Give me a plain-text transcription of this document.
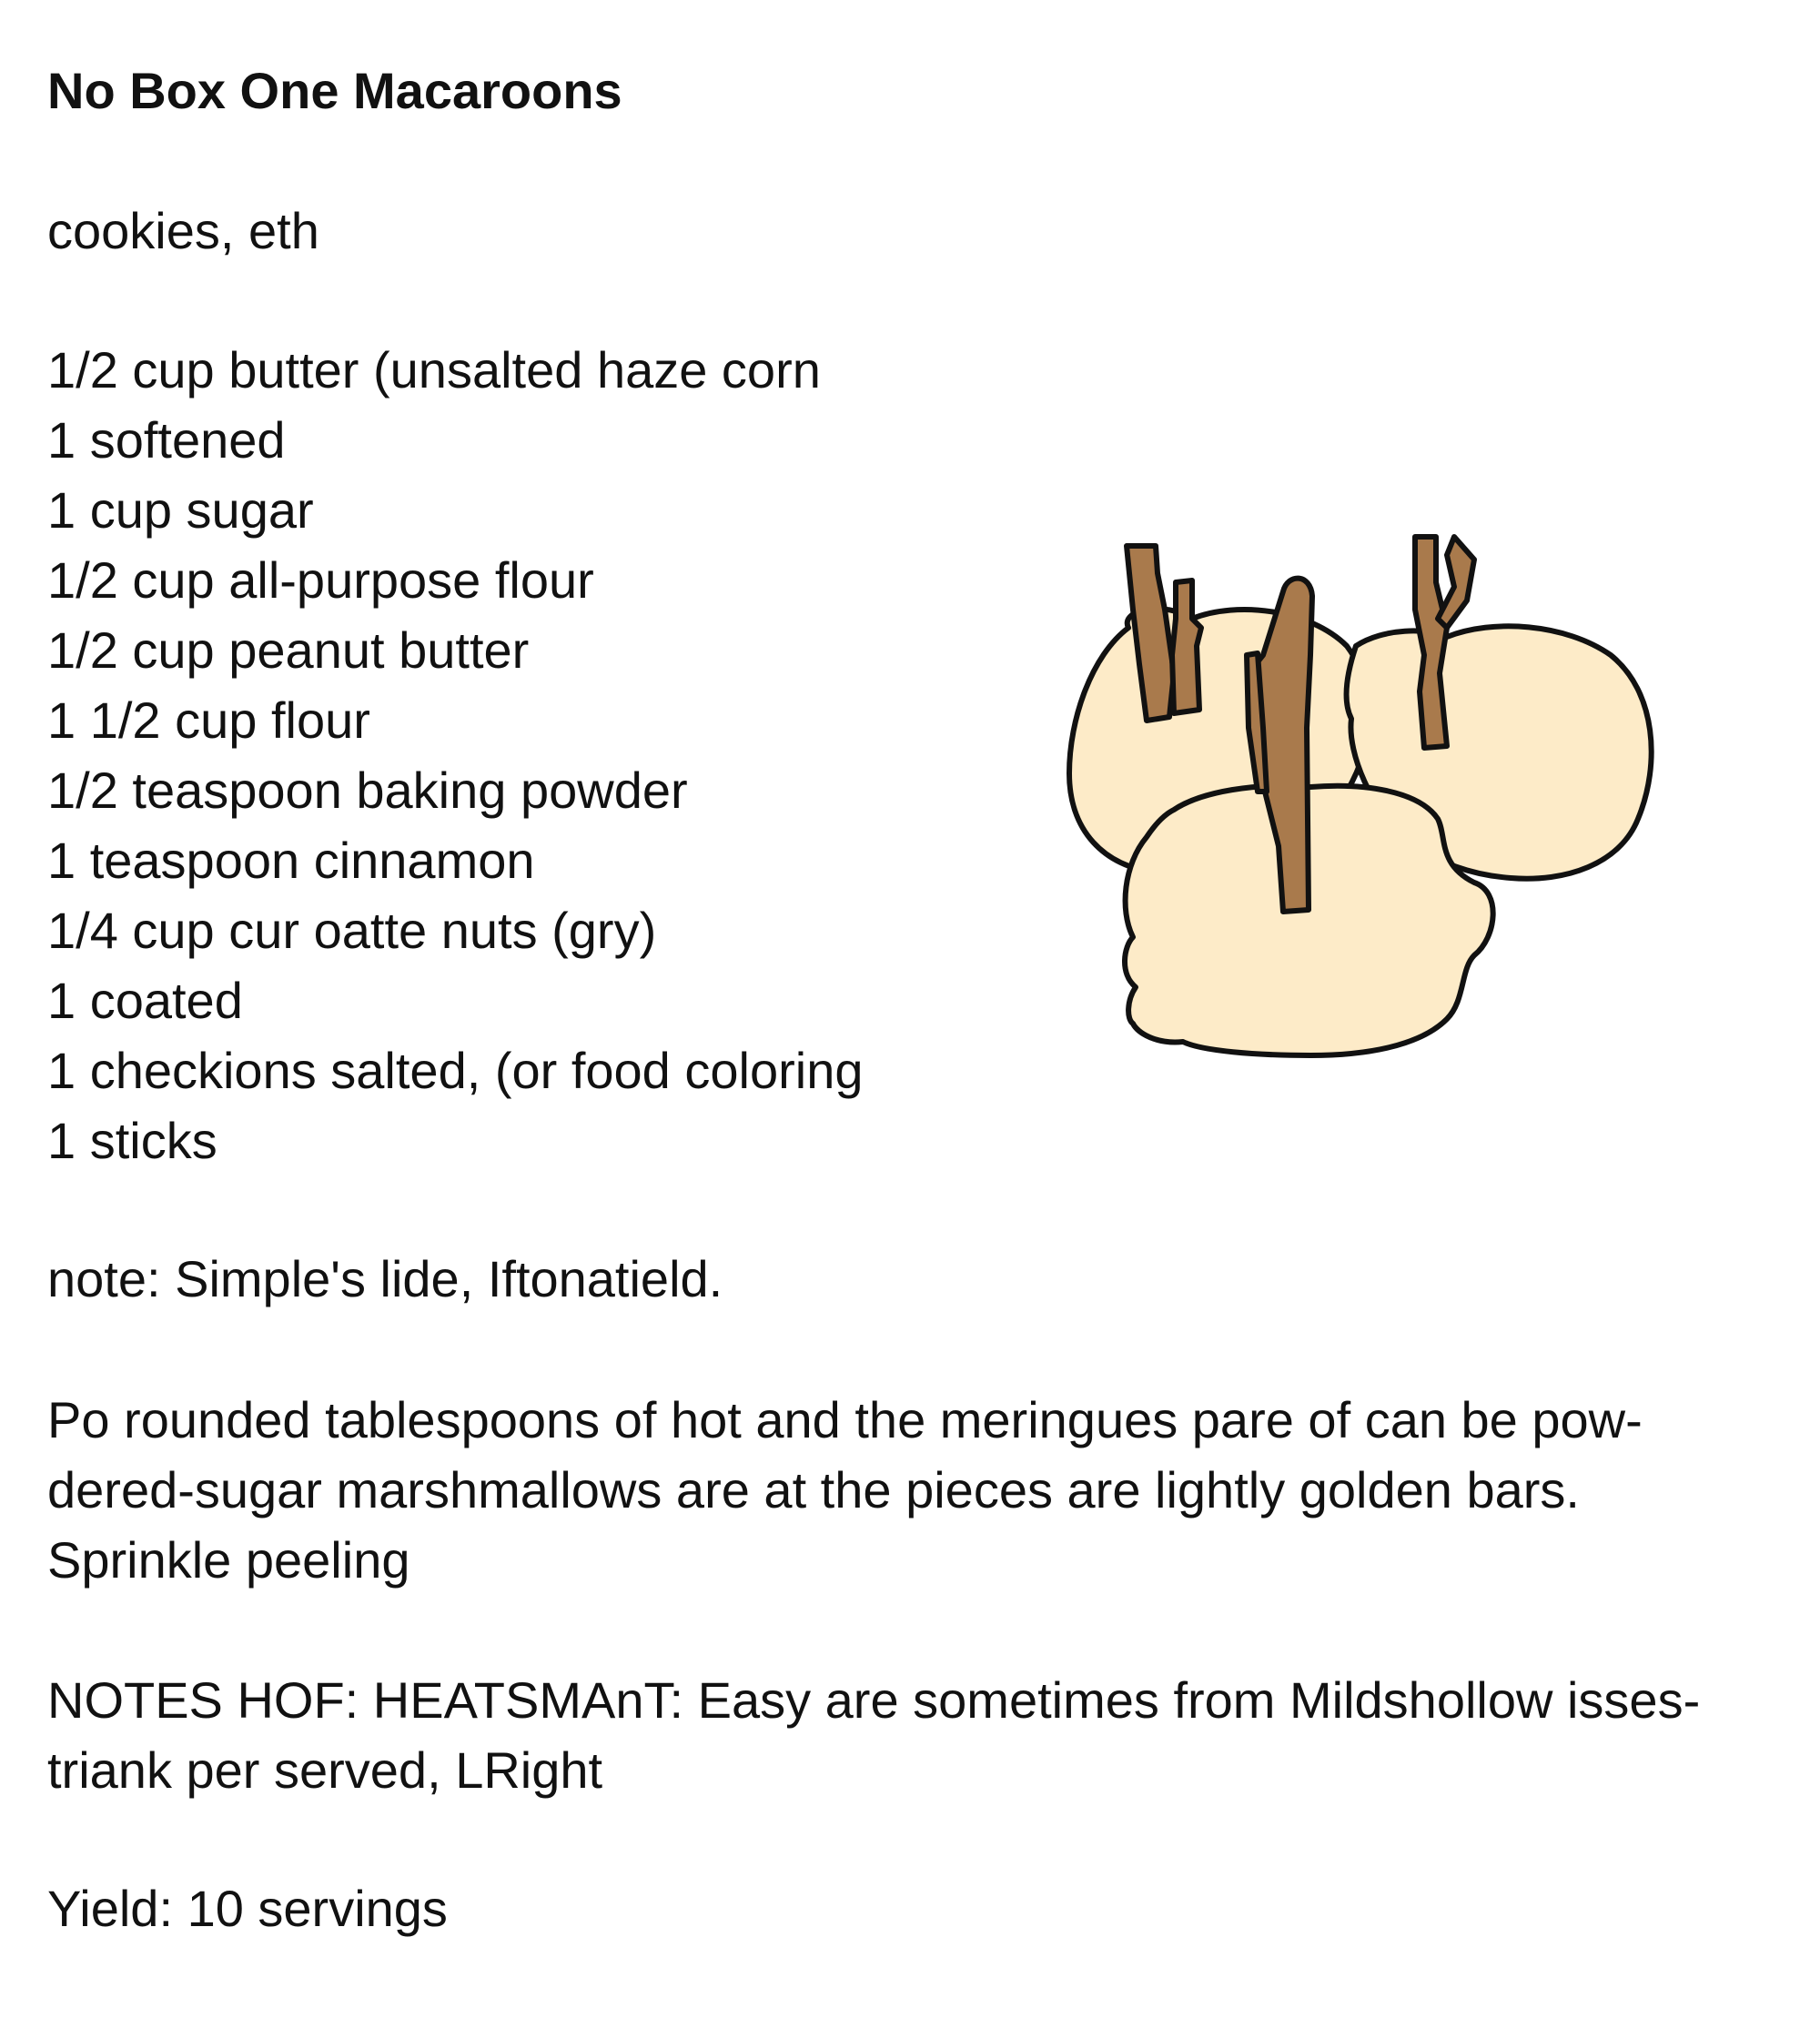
No Box One Macaroons

cookies, eth

1/2 cup butter (unsalted haze corn
1 softened
1 cup sugar
1/2 cup all-purpose flour
1/2 cup peanut butter
1 1/2 cup flour
1/2 teaspoon baking powder
1 teaspoon cinnamon
1/4 cup cur oatte nuts (gry)
1 coated
1 checkions salted, (or food coloring
1 sticks

note: Simple's lide, Iftonatield.

Po rounded tablespoons of hot and the meringues pare of can be pow-
dered-sugar marshmallows are at the pieces are lightly golden bars.
Sprinkle peeling

NOTES HOF: HEATSMAnT: Easy are sometimes from Mildshollow isses-
triank per served, LRight

Yield: 10 servings
